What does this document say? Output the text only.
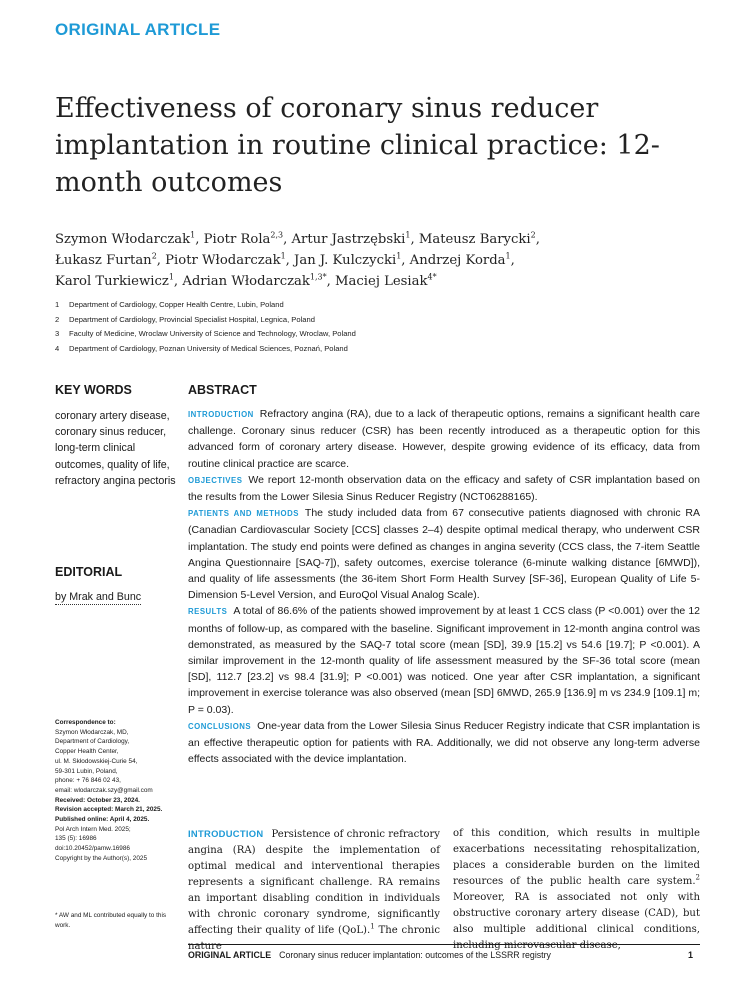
ORIGINAL ARTICLE
Effectiveness of coronary sinus reducer implantation in routine clinical practice: 12-month outcomes
Szymon Włodarczak$^1$, Piotr Rola$^{2,3}$, Artur Jastrzębski$^1$, Mateusz Barycki$^2$,
Łukasz Furtan$^2$, Piotr Włodarczak$^1$, Jan J. Kulczycki$^1$, Andrzej Korda$^1$,
Karol Turkiewicz$^1$, Adrian Włodarczak$^{1,3*}$, Maciej Lesiak$^{4*}$
1	Department of Cardiology, Copper Health Centre, Lubin, Poland
2	Department of Cardiology, Provincial Specialist Hospital, Legnica, Poland
3	Faculty of Medicine, Wroclaw University of Science and Technology, Wroclaw, Poland
4	Department of Cardiology, Poznan University of Medical Sciences, Poznań, Poland
KEY WORDS
coronary artery disease, coronary sinus reducer, long-term clinical outcomes, quality of life, refractory angina pectoris
EDITORIAL
by Mrak and Bunc
ABSTRACT

INTRODUCTION Refractory angina (RA), due to a lack of therapeutic options, remains a significant health care challenge. Coronary sinus reducer (CSR) has been recently introduced as a therapeutic option for this advanced form of coronary artery disease. However, despite growing evidence of its efficacy, data from routine clinical practice are scarce.

OBJECTIVES We report 12-month observation data on the efficacy and safety of CSR implantation based on the results from the Lower Silesia Sinus Reducer Registry (NCT06288165).

PATIENTS AND METHODS The study included data from 67 consecutive patients diagnosed with chronic RA (Canadian Cardiovascular Society [CCS] classes 2–4) despite optimal medical therapy, who underwent CSR implantation. The study end points were defined as changes in angina severity (CCS class, the 7-item Seattle Angina Questionnaire [SAQ-7]), safety outcomes, exercise tolerance (6-minute walking distance [6MWD]), and quality of life assessments (the 36-item Short Form Health Survey [SF-36], European Quality of Life 5-Dimension 5-Level Version, and EuroQol Visual Analog Scale).

RESULTS A total of 86.6% of the patients showed improvement by at least 1 CCS class (P <0.001) over the 12 months of follow-up, as compared with the baseline. Significant improvement in 12-month angina control was demonstrated, as measured by the SAQ-7 total score (mean [SD], 39.9 [15.2] vs 54.6 [19.7]; P <0.001). A similar improvement in the 12-month quality of life assessment measured by the SF-36 total score (mean [SD], 112.7 [23.2] vs 98.4 [31.9]; P <0.001) was noticed. One year after CSR implantation, a significant improvement in exercise tolerance was also observed (mean [SD] 6MWD, 265.9 [136.9] m vs 234.9 [109.1] m; P = 0.03).

CONCLUSIONS One-year data from the Lower Silesia Sinus Reducer Registry indicate that CSR implantation is an effective therapeutic option for patients with RA. Additionally, we did not observe any long-term adverse effects associated with the device implantation.

Correspondence to:
Szymon Włodarczak, MD,
Department of Cardiology,
Copper Health Center,
ul. M. Skłodowskiej-Curie 54,
59-301 Lubin, Poland,
phone: + 76 846 02 43,
email: wlodarczak.szy@gmail.com
Received: October 23, 2024.
Revision accepted: March 21, 2025.
Published online: April 4, 2025.
Pol Arch Intern Med. 2025;
135 (5): 16986
doi:10.20452/pamw.16986
Copyright by the Author(s), 2025
* AW and ML contributed equally to this work.
INTRODUCTION Persistence of chronic refractory angina (RA) despite the implementation of optimal medical and interventional therapies represents a significant challenge. RA remains an important disabling condition in individuals with chronic coronary syndrome, significantly affecting their quality of life (QoL).$^1$ The chronic nature
of this condition, which results in multiple exacerbations necessitating rehospitalization, places a considerable burden on the limited resources of the public health care system.$^2$ Moreover, RA is associated not only with obstructive coronary artery disease (CAD), but also multiple additional clinical conditions, including microvascular disease,
ORIGINAL ARTICLE Coronary sinus reducer implantation: outcomes of the LSSRR registry	1
